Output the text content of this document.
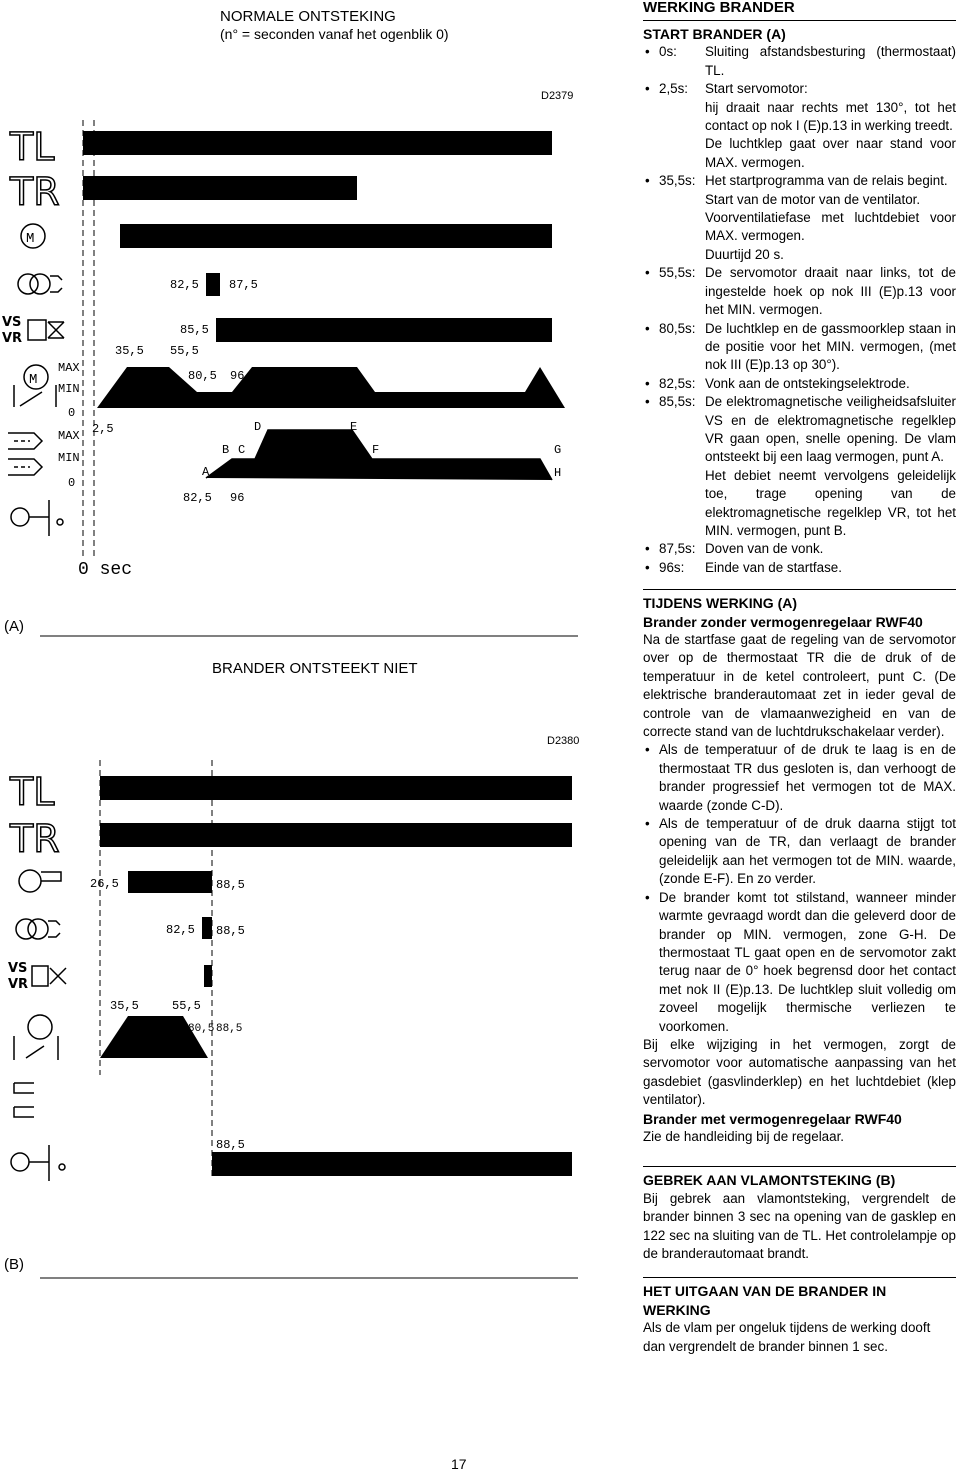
NORMALE ONTSTEKING
(n° = seconden vanaf het ogenblik 0)
D2379
(A)
TL
TR
M
VS
VR
M
MAX
MIN
0
MAX
MIN
0
82,5	87,5
85,5
35,5 55,5
80,5 96
2,5
82,5 96
A
B C
D	E
F	G
H
0 sec
BRANDER ONTSTEEKT NIET
D2380
(B)
TL
TR
VS
VR
26,5	88,5
82,5 88,5
35,5	55,5
80,5 88,5
88,5

WERKING BRANDER

START BRANDER (A)

• 0s:	Sluiting afstandsbesturing (thermostaat) TL.
• 2,5s:	Start servomotor:
hij draait naar rechts met 130°, tot het contact op nok I (E)p.13 in werking treedt.
De luchtklep gaat over naar stand voor MAX. vermogen.
• 35,5s: Het startprogramma van de relais begint.
Start van de motor van de ventilator.
Voorventilatiefase met luchtdebiet voor MAX. vermogen.
Duurtijd 20 s.
• 55,5s: De servomotor draait naar links, tot de ingestelde hoek op nok III (E)p.13 voor het MIN. vermogen.
• 80,5s: De luchtklep en de gassmoorklep staan in de positie voor het MIN. vermogen, (met nok III (E)p.13 op 30°).
• 82,5s: Vonk aan de ontstekingselektrode.
• 85,5s: De elektromagnetische veiligheidsafsluiter VS en de elektromagnetische regelklep VR gaan open, snelle opening. De vlam ontsteekt bij een laag vermogen, punt A.
Het debiet neemt vervolgens geleidelijk toe, trage opening van de elektromagnetische regelklep VR, tot het MIN. vermogen, punt B.
• 87,5s: Doven van de vonk.
• 96s:	Einde van de startfase.

TIJDENS WERKING (A)

Brander zonder vermogenregelaar RWF40

Na de startfase gaat de regeling van de servomotor over op de thermostaat TR die de druk of de temperatuur in de ketel controleert, punt C. (De elektrische branderautomaat zet in ieder geval de controle van de vlamaanwezigheid en van de correcte stand van de luchtdrukschakelaar verder).

• Als de temperatuur of de druk te laag is en de thermostaat TR dus gesloten is, dan verhoogt de brander progressief het vermogen tot de MAX. waarde (zonde C-D).

• Als de temperatuur of de druk daarna stijgt tot opening van de TR, dan verlaagt de brander geleidelijk aan het vermogen tot de MIN. waarde, (zonde E-F). En zo verder.

• De brander komt tot stilstand, wanneer minder warmte gevraagd wordt dan die geleverd door de brander op MIN. vermogen, zone G-H. De thermostaat TL gaat open en de servomotor zakt terug naar de 0° hoek begrensd door het contact met nok II (E)p.13. De luchtklep sluit volledig om zoveel mogelijk thermische verliezen te voorkomen.

Bij elke wijziging in het vermogen, zorgt de servomotor voor automatische aanpassing van het gasdebiet (gasvlinderklep) en het luchtdebiet (klep ventilator).

Brander met vermogenregelaar RWF40

Zie de handleiding bij de regelaar.

GEBREK AAN VLAMONTSTEKING (B)

Bij gebrek aan vlamontsteking, vergrendelt de brander binnen 3 sec na opening van de gasklep en 122 sec na sluiting van de TL. Het controlelampje op de branderautomaat brandt.

HET UITGAAN VAN DE BRANDER IN WERKING

Als de vlam per ongeluk tijdens de werking dooft dan vergrendelt de brander binnen 1 sec.

17
